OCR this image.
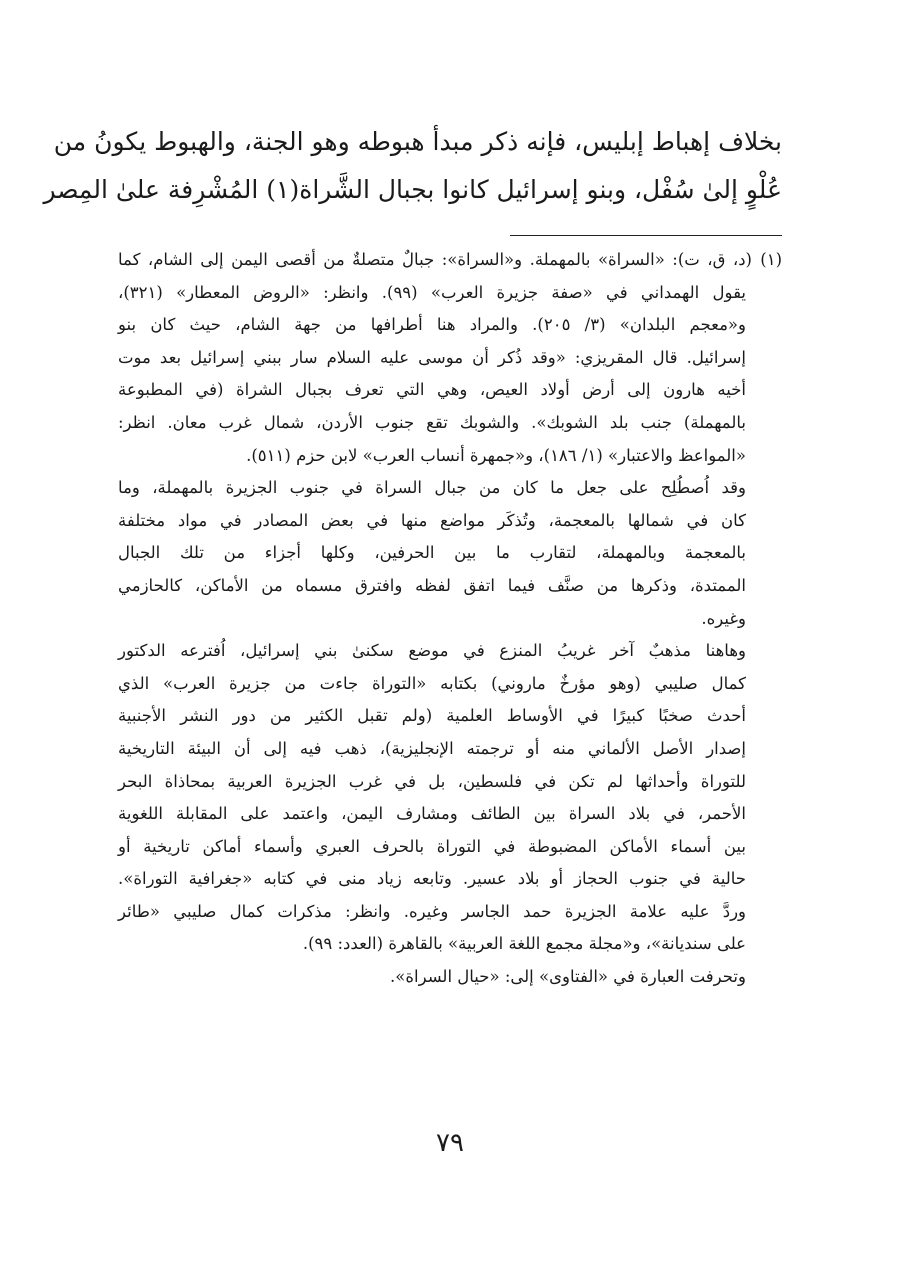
بخلاف إهباط إبليس، فإنه ذكر مبدأ هبوطه وهو الجنة، والهبوط يكونُ من
عُلْوٍ إلىٰ سُفْل، وبنو إسرائيل كانوا بجبال الشَّراة(١) المُشْرِفة علىٰ المِصر
(١)(د، ق، ت): «السراة» بالمهملة. و«السراة»: جبالٌ متصلةٌ من أقصى اليمن إلى الشام، كما
يقول الهمداني في «صفة جزيرة العرب» (٩٩). وانظر: «الروض المعطار» (٣٢١)،
و«معجم البلدان» (٣/ ٢٠٥). والمراد هنا أطرافها من جهة الشام، حيث كان بنو
إسرائيل. قال المقريزي: «وقد ذُكر أن موسى عليه السلام سار ببني إسرائيل بعد موت
أخيه هارون إلى أرض أولاد العيص، وهي التي تعرف بجبال الشراة (في المطبوعة
بالمهملة) جنب بلد الشوبك». والشوبك تقع جنوب الأردن، شمال غرب معان. انظر:
«المواعظ والاعتبار» (١/ ١٨٦)، و«جمهرة أنساب العرب» لابن حزم (٥١١).
وقد اُصطُلِح على جعل ما كان من جبال السراة في جنوب الجزيرة بالمهملة، وما
كان في شمالها بالمعجمة، وتُذكَر مواضع منها في بعض المصادر في مواد مختلفة
بالمعجمة وبالمهملة، لتقارب ما بين الحرفين، وكلها أجزاء من تلك الجبال
الممتدة، وذكرها من صنَّف فيما اتفق لفظه وافترق مسماه من الأماكن، كالحازمي
وغيره.
وهاهنا مذهبٌ آخر غريبُ المنزع في موضع سكنىٰ بني إسرائيل، اُفترعه الدكتور
كمال صليبي (وهو مؤرخٌ ماروني) بكتابه «التوراة جاءت من جزيرة العرب» الذي
أحدث صخبًا كبيرًا في الأوساط العلمية (ولم تقبل الكثير من دور النشر الأجنبية
إصدار الأصل الألماني منه أو ترجمته الإنجليزية)، ذهب فيه إلى أن البيئة التاريخية
للتوراة وأحداثها لم تكن في فلسطين، بل في غرب الجزيرة العربية بمحاذاة البحر
الأحمر، في بلاد السراة بين الطائف ومشارف اليمن، واعتمد على المقابلة اللغوية
بين أسماء الأماكن المضبوطة في التوراة بالحرف العبري وأسماء أماكن تاريخية أو
حالية في جنوب الحجاز أو بلاد عسير. وتابعه زياد منى في كتابه «جغرافية التوراة».
وردَّ عليه علامة الجزيرة حمد الجاسر وغيره. وانظر: مذكرات كمال صليبي «طائر
على سنديانة»، و«مجلة مجمع اللغة العربية» بالقاهرة (العدد: ٩٩).
وتحرفت العبارة في «الفتاوى» إلى: «حيال السراة».
٧٩
